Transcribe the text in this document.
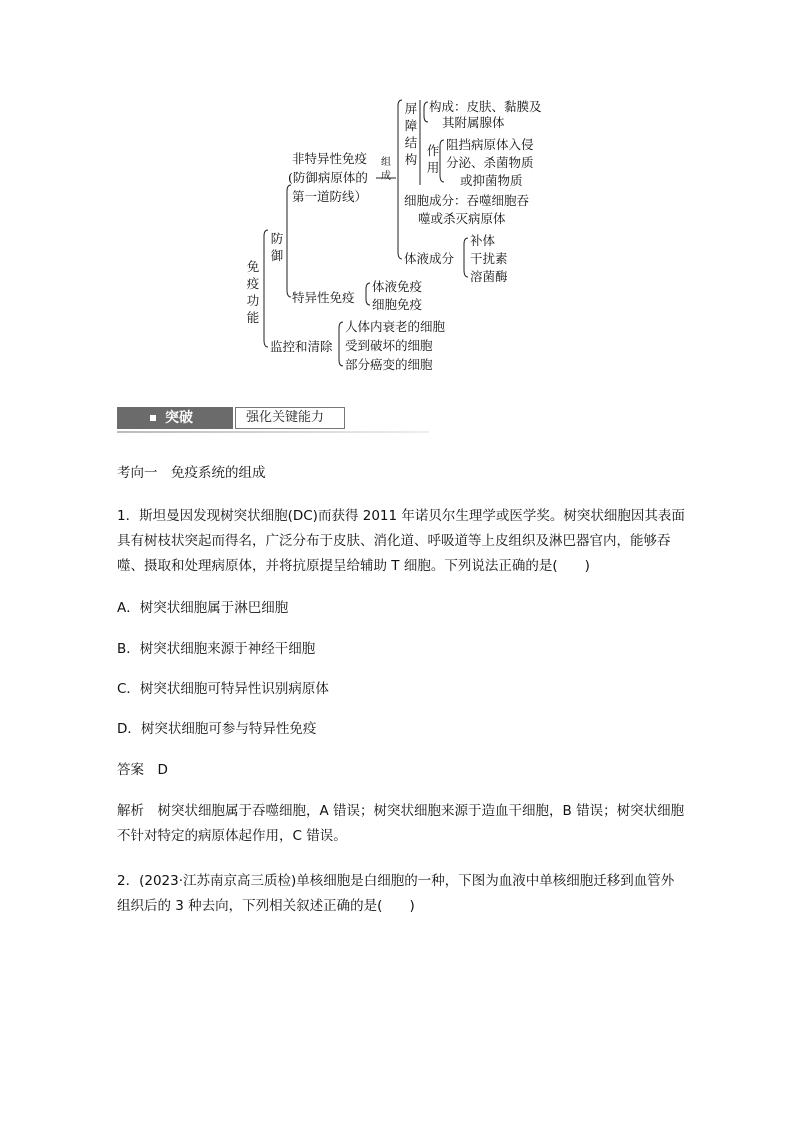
免疫功能
防御
非特异性免疫
(防御病原体的
第一道防线）
组成
屏障结构
构成：皮肤、黏膜及
其附属腺体
作用
阻挡病原体入侵
分泌、杀菌物质
或抑菌物质
细胞成分：吞噬细胞吞
噬或杀灭病原体
体液成分
补体
干扰素
溶菌酶
特异性免疫
体液免疫
细胞免疫
监控和清除
人体内衰老的细胞
受到破坏的细胞
部分癌变的细胞
突破	强化关键能力
考向一　免疫系统的组成
1．斯坦曼因发现树突状细胞(DC)而获得 2011 年诺贝尔生理学或医学奖。树突状细胞因其表面具有树枝状突起而得名，广泛分布于皮肤、消化道、呼吸道等上皮组织及淋巴器官内，能够吞噬、摄取和处理病原体，并将抗原提呈给辅助 T 细胞。下列说法正确的是(　　)
A．树突状细胞属于淋巴细胞
B．树突状细胞来源于神经干细胞
C．树突状细胞可特异性识别病原体
D．树突状细胞可参与特异性免疫
答案　D
解析　树突状细胞属于吞噬细胞，A 错误；树突状细胞来源于造血干细胞，B 错误；树突状细胞不针对特定的病原体起作用，C 错误。
2．(2023·江苏南京高三质检)单核细胞是白细胞的一种，下图为血液中单核细胞迁移到血管外组织后的 3 种去向，下列相关叙述正确的是(　　)
